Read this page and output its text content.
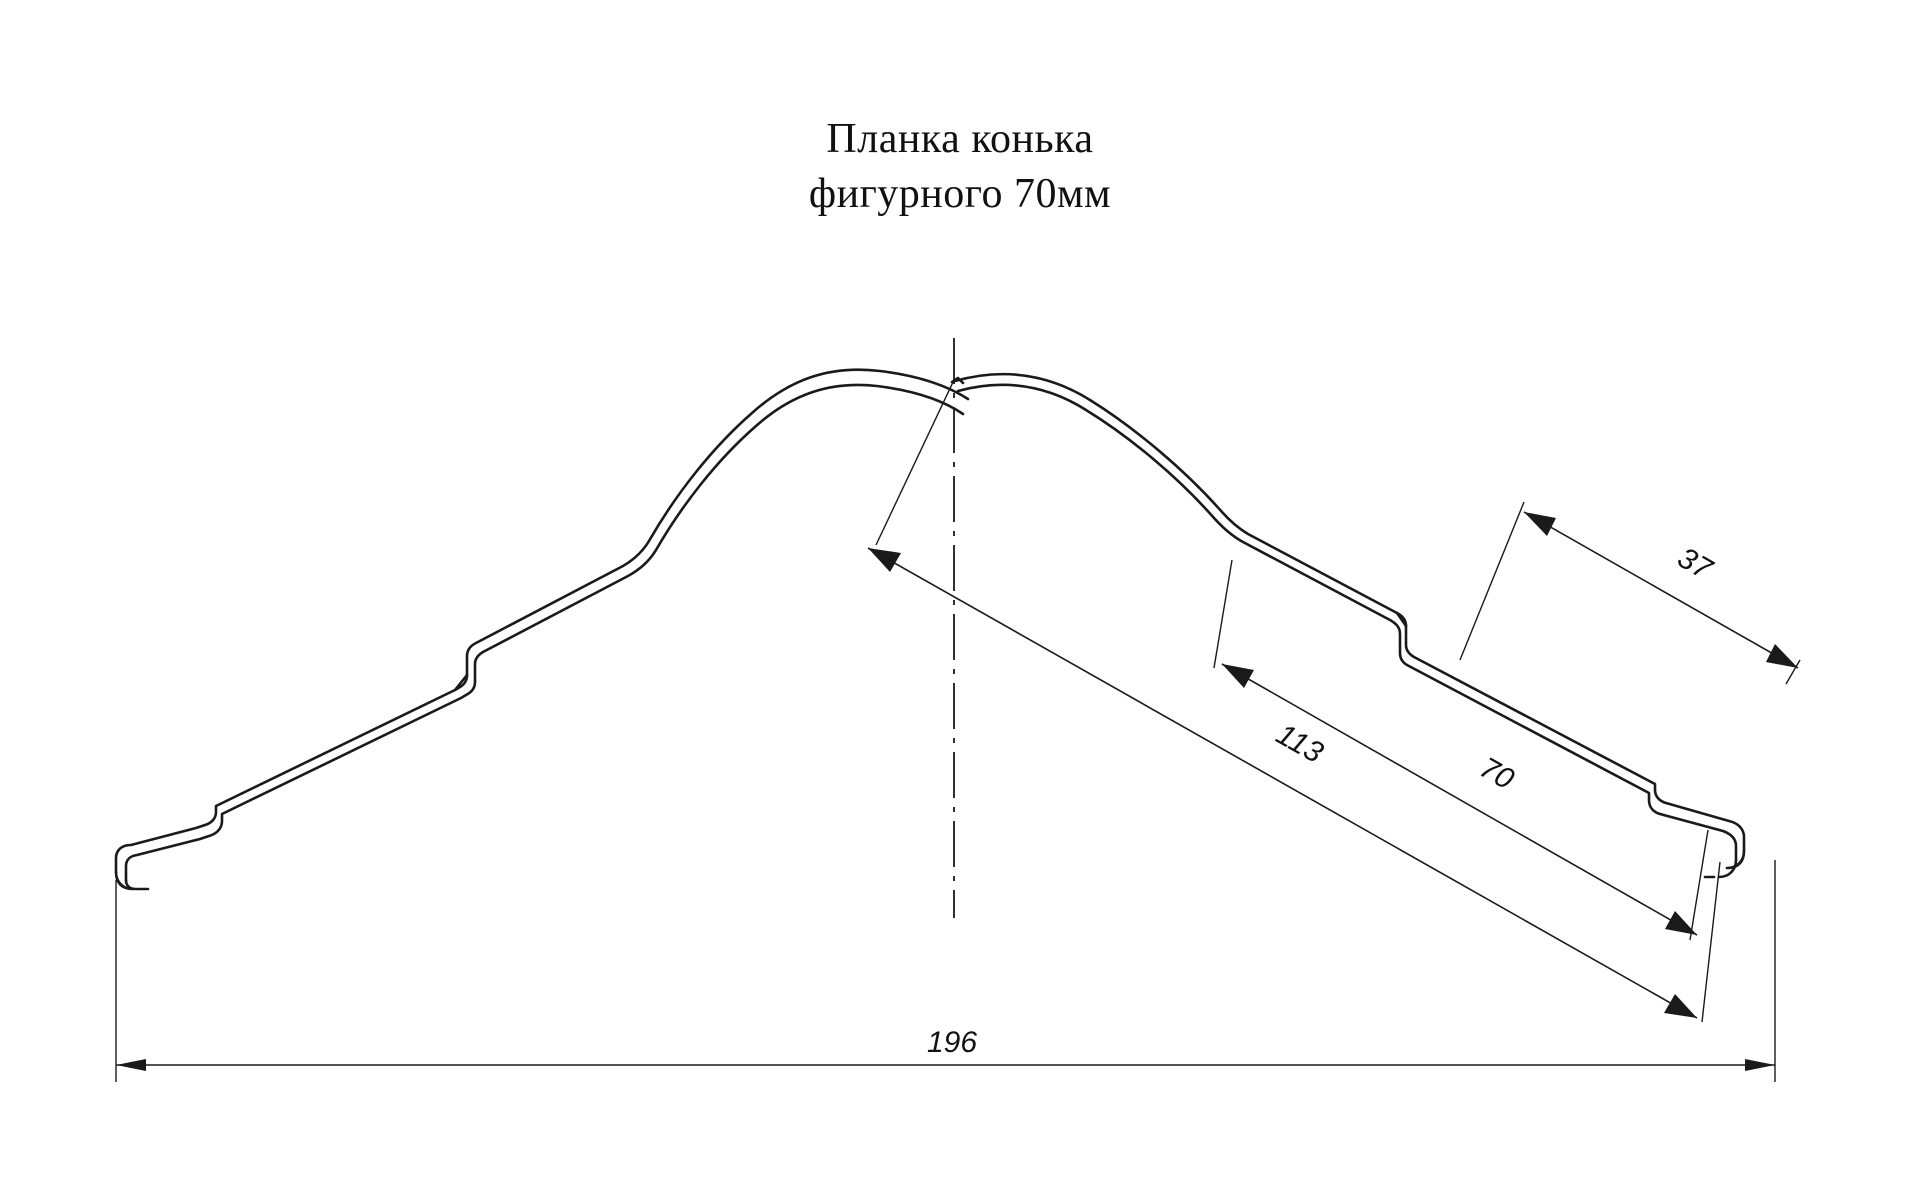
Планка конька
фигурного 70мм
196
113
70
37
